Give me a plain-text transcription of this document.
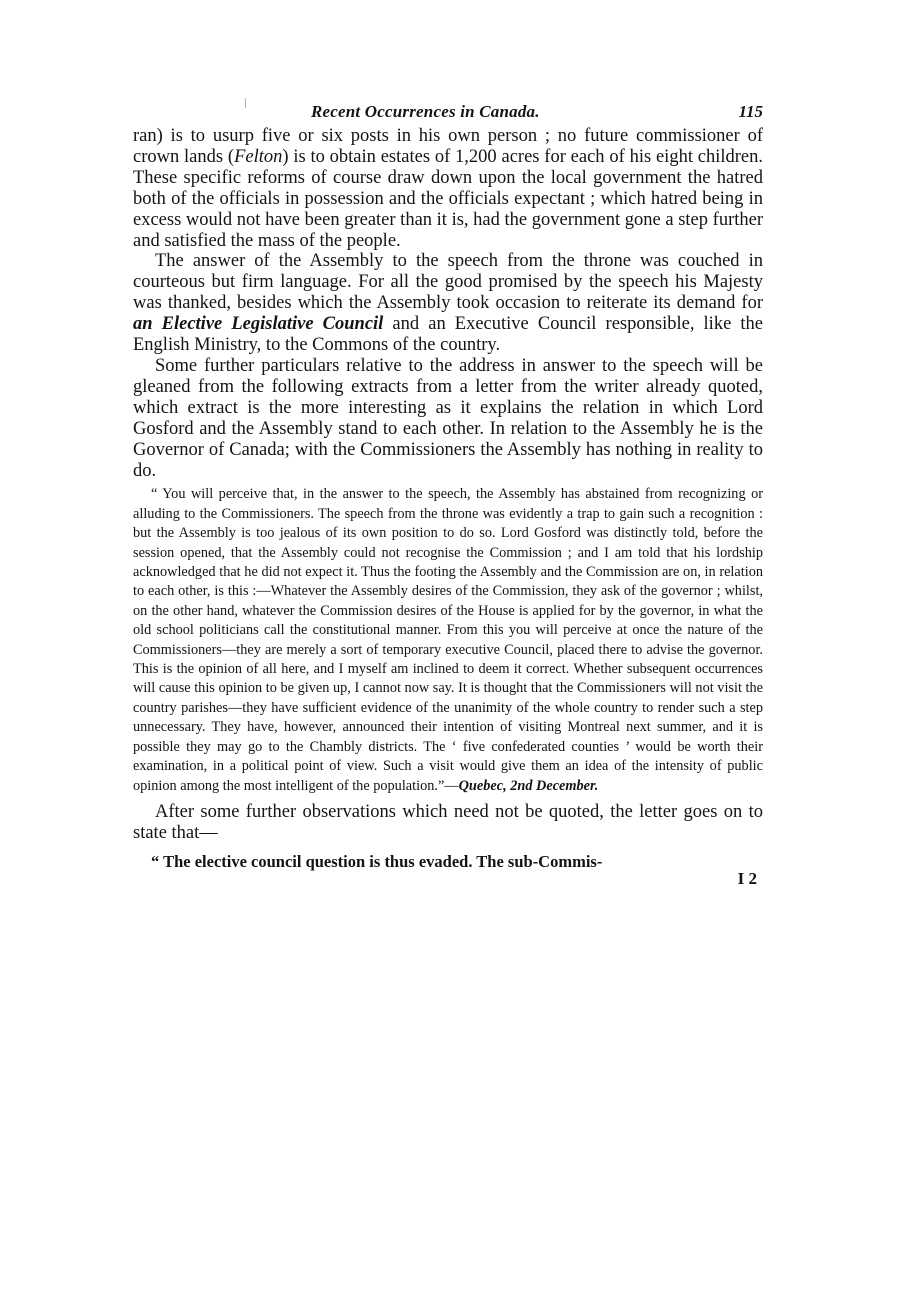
Recent Occurrences in Canada.	115

ran) is to usurp five or six posts in his own person ; no future commissioner of crown lands (Felton) is to obtain estates of 1,200 acres for each of his eight children. These specific reforms of course draw down upon the local government the hatred both of the officials in possession and the officials expectant ; which hatred being in excess would not have been greater than it is, had the government gone a step further and satisfied the mass of the people.

The answer of the Assembly to the speech from the throne was couched in courteous but firm language. For all the good promised by the speech his Majesty was thanked, besides which the Assembly took occasion to reiterate its demand for an Elective Legislative Council and an Executive Council responsible, like the English Ministry, to the Commons of the country.

Some further particulars relative to the address in answer to the speech will be gleaned from the following extracts from a letter from the writer already quoted, which extract is the more interesting as it explains the relation in which Lord Gosford and the Assembly stand to each other. In relation to the Assembly he is the Governor of Canada; with the Commissioners the Assembly has nothing in reality to do.

“ You will perceive that, in the answer to the speech, the Assembly has abstained from recognizing or alluding to the Commissioners. The speech from the throne was evidently a trap to gain such a recognition : but the Assembly is too jealous of its own position to do so. Lord Gosford was distinctly told, before the session opened, that the Assembly could not recognise the Commission ; and I am told that his lordship acknowledged that he did not expect it. Thus the footing the Assembly and the Commission are on, in relation to each other, is this :—Whatever the Assembly desires of the Commission, they ask of the governor ; whilst, on the other hand, whatever the Commission desires of the House is applied for by the governor, in what the old school politicians call the constitutional manner. From this you will perceive at once the nature of the Commissioners—they are merely a sort of temporary executive Council, placed there to advise the governor. This is the opinion of all here, and I myself am inclined to deem it correct. Whether subsequent occurrences will cause this opinion to be given up, I cannot now say. It is thought that the Commissioners will not visit the country parishes—they have sufficient evidence of the unanimity of the whole country to render such a step unnecessary. They have, however, announced their intention of visiting Montreal next summer, and it is possible they may go to the Chambly districts. The ‘ five confederated counties ’ would be worth their examination, in a political point of view. Such a visit would give them an idea of the intensity of public opinion among the most intelligent of the population.”—Quebec, 2nd December.

After some further observations which need not be quoted, the letter goes on to state that—

“ The elective council question is thus evaded. The sub-Commis-

I 2
